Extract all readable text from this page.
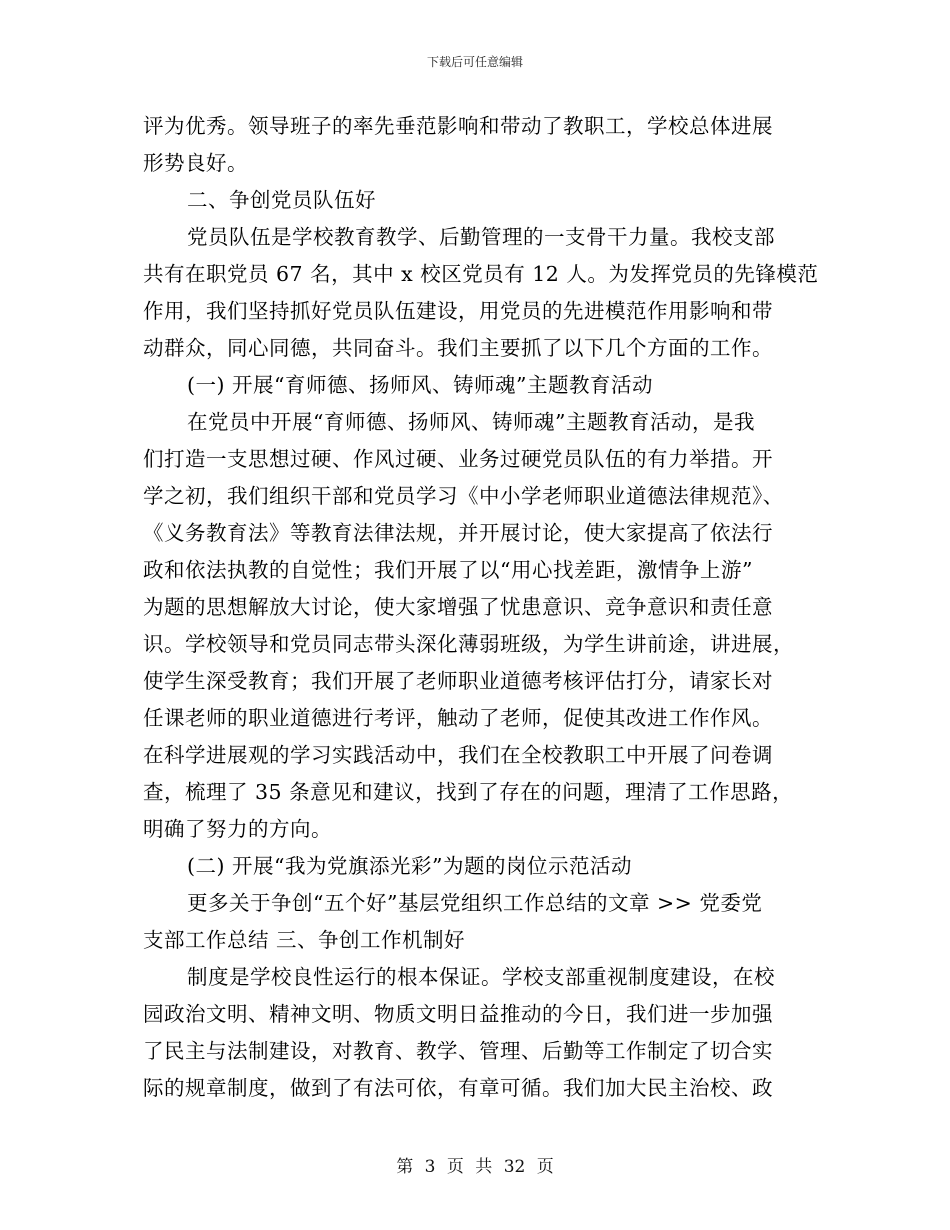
下载后可任意编辑
评为优秀。领导班子的率先垂范影响和带动了教职工，学校总体进展
形势良好。
二、争创党员队伍好
党员队伍是学校教育教学、后勤管理的一支骨干力量。我校支部
共有在职党员 67 名，其中 x 校区党员有 12 人。为发挥党员的先锋模范
作用，我们坚持抓好党员队伍建设，用党员的先进模范作用影响和带
动群众，同心同德，共同奋斗。我们主要抓了以下几个方面的工作。
(一) 开展“育师德、扬师风、铸师魂”主题教育活动
在党员中开展“育师德、扬师风、铸师魂”主题教育活动，是我
们打造一支思想过硬、作风过硬、业务过硬党员队伍的有力举措。开
学之初，我们组织干部和党员学习《中小学老师职业道德法律规范》、
《义务教育法》等教育法律法规，并开展讨论，使大家提高了依法行
政和依法执教的自觉性；我们开展了以“用心找差距，激情争上游”
为题的思想解放大讨论，使大家增强了忧患意识、竞争意识和责任意
识。学校领导和党员同志带头深化薄弱班级，为学生讲前途，讲进展，
使学生深受教育；我们开展了老师职业道德考核评估打分，请家长对
任课老师的职业道德进行考评，触动了老师，促使其改进工作作风。
在科学进展观的学习实践活动中，我们在全校教职工中开展了问卷调
查，梳理了 35 条意见和建议，找到了存在的问题，理清了工作思路，
明确了努力的方向。
(二) 开展“我为党旗添光彩”为题的岗位示范活动
更多关于争创“五个好”基层党组织工作总结的文章 >> 党委党
支部工作总结 三、争创工作机制好
制度是学校良性运行的根本保证。学校支部重视制度建设，在校
园政治文明、精神文明、物质文明日益推动的今日，我们进一步加强
了民主与法制建设，对教育、教学、管理、后勤等工作制定了切合实
际的规章制度，做到了有法可依，有章可循。我们加大民主治校、政
第 3 页 共 32 页
